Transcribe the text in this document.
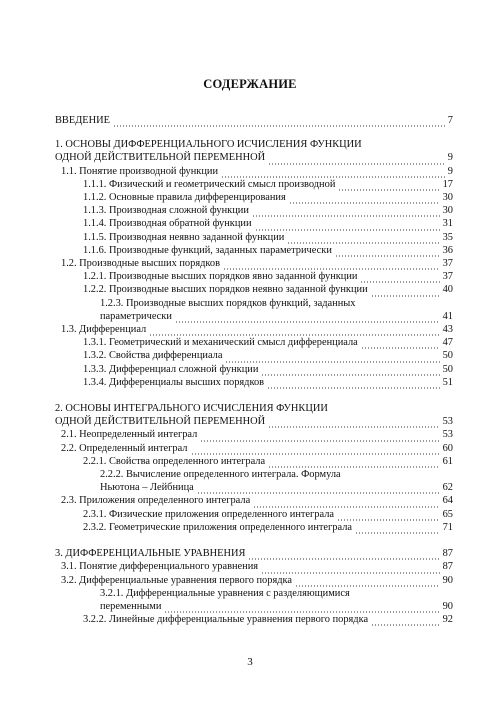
СОДЕРЖАНИЕ
ВВЕДЕНИЕ	7
1. ОСНОВЫ ДИФФЕРЕНЦИАЛЬНОГО ИСЧИСЛЕНИЯ ФУНКЦИИ
ОДНОЙ ДЕЙСТВИТЕЛЬНОЙ ПЕРЕМЕННОЙ	9
1.1. Понятие производной функции	9
1.1.1. Физический и геометрический смысл производной	17
1.1.2. Основные правила дифференцирования	30
1.1.3. Производная сложной функции	30
1.1.4. Производная обратной функции	31
1.1.5. Производная неявно заданной функции	35
1.1.6. Производные функций, заданных параметрически	36
1.2. Производные высших порядков	37
1.2.1. Производные высших порядков явно заданной функции	37
1.2.2. Производные высших порядков неявно заданной функции	40
1.2.3. Производные высших порядков функций, заданных
параметрически	41
1.3. Дифференциал	43
1.3.1. Геометрический и механический смысл дифференциала	47
1.3.2. Свойства дифференциала	50
1.3.3. Дифференциал сложной функции	50
1.3.4. Дифференциалы высших порядков	51
2. ОСНОВЫ ИНТЕГРАЛЬНОГО ИСЧИСЛЕНИЯ ФУНКЦИИ
ОДНОЙ ДЕЙСТВИТЕЛЬНОЙ ПЕРЕМЕННОЙ	53
2.1. Неопределенный интеграл	53
2.2. Определенный интеграл	60
2.2.1. Свойства определенного интеграла	61
2.2.2. Вычисление определенного интеграла. Формула
Ньютона – Лейбница	62
2.3. Приложения определенного интеграла	64
2.3.1. Физические приложения определенного интеграла	65
2.3.2. Геометрические приложения определенного интеграла	71
3. ДИФФЕРЕНЦИАЛЬНЫЕ УРАВНЕНИЯ	87
3.1. Понятие дифференциального уравнения	87
3.2. Дифференциальные уравнения первого порядка	90
3.2.1. Дифференциальные уравнения с разделяющимися
переменными	90
3.2.2. Линейные дифференциальные уравнения первого порядка	92
3
